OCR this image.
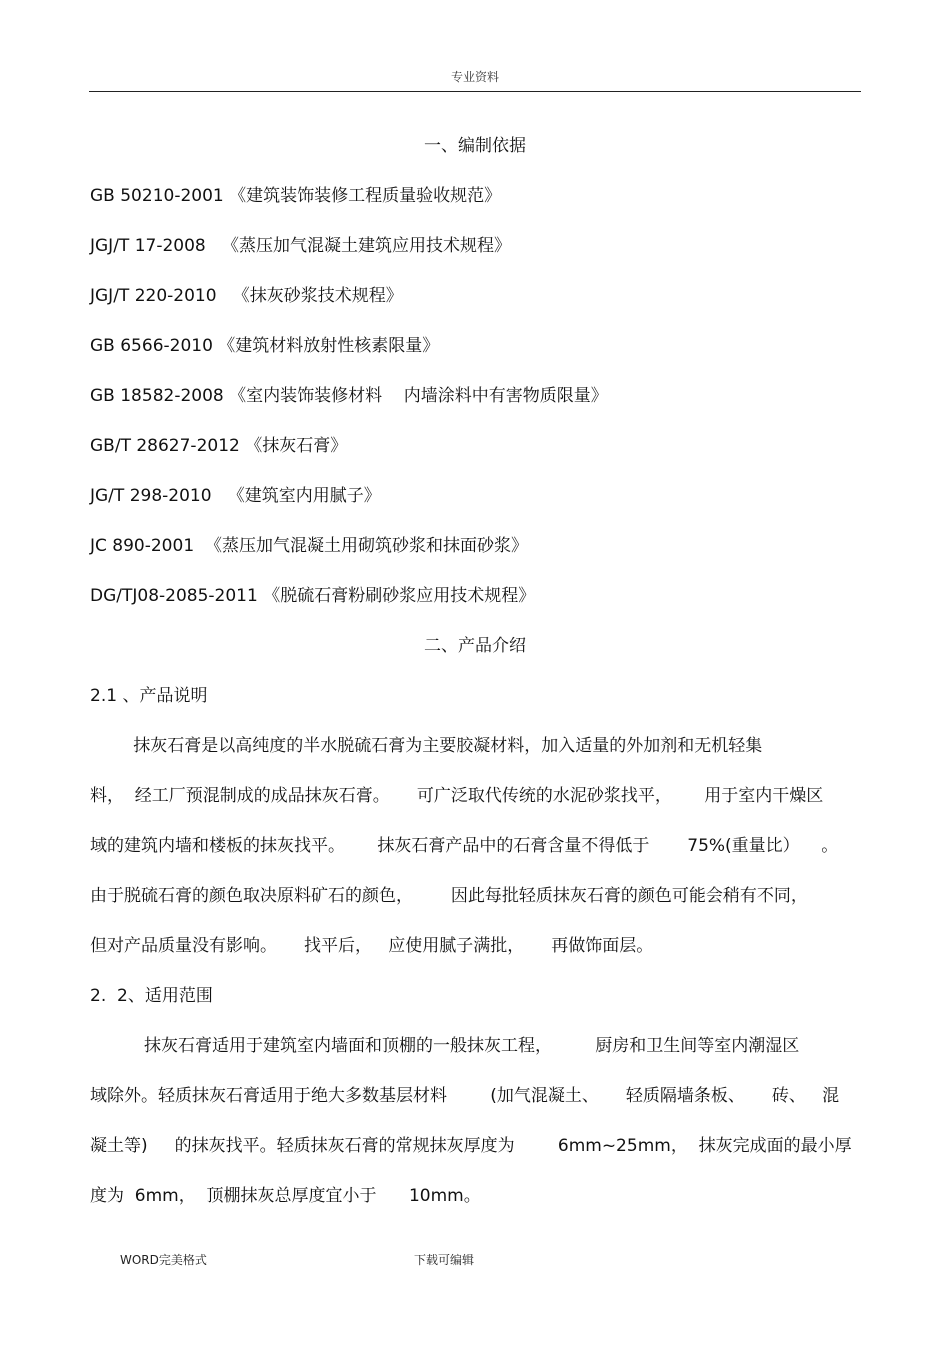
专业资料
一、编制依据
GB 50210-2001 《建筑装饰装修工程质量验收规范》
JGJ/T 17-2008   《蒸压加气混凝土建筑应用技术规程》
JGJ/T 220-2010   《抹灰砂浆技术规程》
GB 6566-2010 《建筑材料放射性核素限量》
GB 18582-2008 《室内装饰装修材料    内墙涂料中有害物质限量》
GB/T 28627-2012 《抹灰石膏》
JG/T 298-2010   《建筑室内用腻子》
JC 890-2001  《蒸压加气混凝土用砌筑砂浆和抹面砂浆》
DG/TJ08-2085-2011 《脱硫石膏粉刷砂浆应用技术规程》
二、产品介绍
2.1 、产品说明
抹灰石膏是以高纯度的半水脱硫石膏为主要胶凝材料，加入适量的外加剂和无机轻集
料，  经工厂预混制成的成品抹灰石膏。     可广泛取代传统的水泥砂浆找平，      用于室内干燥区
域的建筑内墙和楼板的抹灰找平。      抹灰石膏产品中的石膏含量不得低于       75%(重量比）    。
由于脱硫石膏的颜色取决原料矿石的颜色，       因此每批轻质抹灰石膏的颜色可能会稍有不同，
但对产品质量没有影响。     找平后，   应使用腻子满批，     再做饰面层。
2.  2、适用范围
抹灰石膏适用于建筑室内墙面和顶棚的一般抹灰工程，        厨房和卫生间等室内潮湿区
域除外。轻质抹灰石膏适用于绝大多数基层材料        (加气混凝土、     轻质隔墙条板、     砖、   混
凝土等)     的抹灰找平。轻质抹灰石膏的常规抹灰厚度为        6mm~25mm，  抹灰完成面的最小厚
度为  6mm，  顶棚抹灰总厚度宜小于      10mm。
WORD完美格式	下载可编辑
